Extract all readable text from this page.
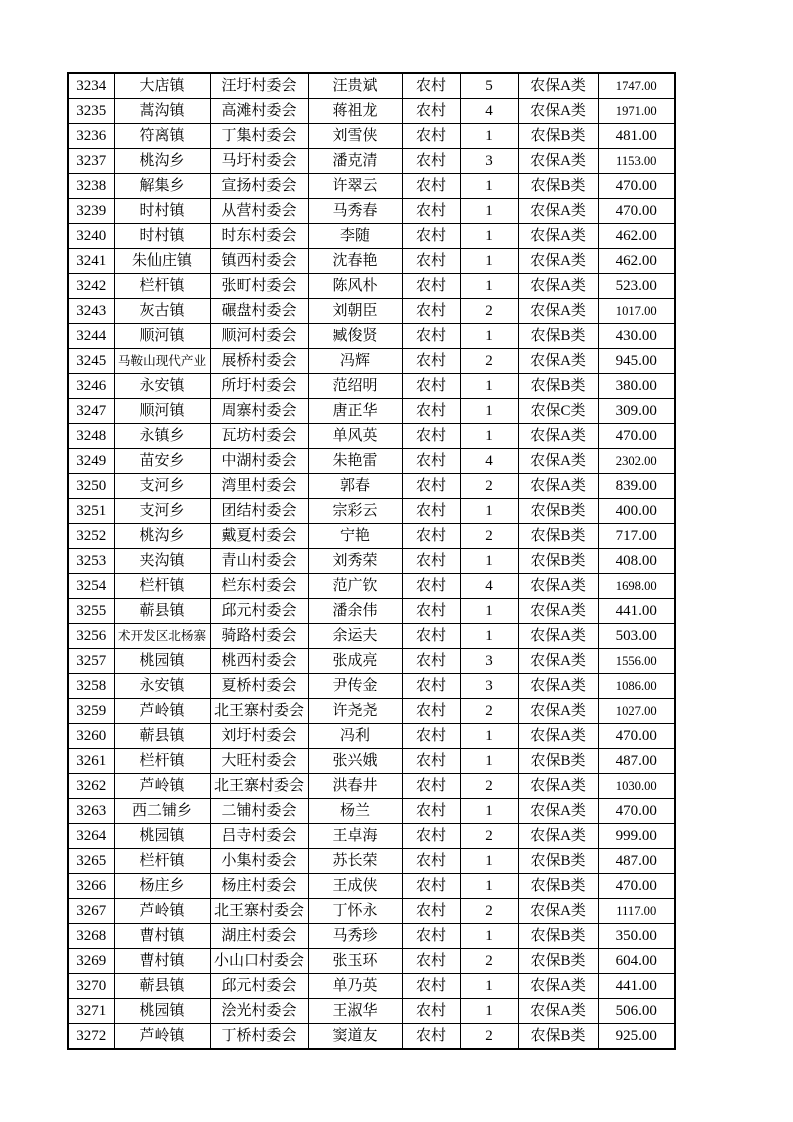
3234	大店镇	汪圩村委会	汪贵斌	农村	5	农保A类	1747.00
3235	蒿沟镇	高滩村委会	蒋祖龙	农村	4	农保A类	1971.00
3236	符离镇	丁集村委会	刘雪侠	农村	1	农保B类	481.00
3237	桃沟乡	马圩村委会	潘克清	农村	3	农保A类	1153.00
3238	解集乡	宣扬村委会	许翠云	农村	1	农保B类	470.00
3239	时村镇	从营村委会	马秀春	农村	1	农保A类	470.00
3240	时村镇	时东村委会	李随	农村	1	农保A类	462.00
3241	朱仙庄镇	镇西村委会	沈春艳	农村	1	农保A类	462.00
3242	栏杆镇	张町村委会	陈风朴	农村	1	农保A类	523.00
3243	灰古镇	碾盘村委会	刘朝臣	农村	2	农保A类	1017.00
3244	顺河镇	顺河村委会	臧俊贤	农村	1	农保B类	430.00
3245	马鞍山现代产业	展桥村委会	冯辉	农村	2	农保A类	945.00
3246	永安镇	所圩村委会	范绍明	农村	1	农保B类	380.00
3247	顺河镇	周寨村委会	唐正华	农村	1	农保C类	309.00
3248	永镇乡	瓦坊村委会	单风英	农村	1	农保A类	470.00
3249	苗安乡	中湖村委会	朱艳雷	农村	4	农保A类	2302.00
3250	支河乡	湾里村委会	郭春	农村	2	农保A类	839.00
3251	支河乡	团结村委会	宗彩云	农村	1	农保B类	400.00
3252	桃沟乡	戴夏村委会	宁艳	农村	2	农保B类	717.00
3253	夹沟镇	青山村委会	刘秀荣	农村	1	农保B类	408.00
3254	栏杆镇	栏东村委会	范广钦	农村	4	农保A类	1698.00
3255	蕲县镇	邱元村委会	潘余伟	农村	1	农保A类	441.00
3256	术开发区北杨寨	骑路村委会	余运夫	农村	1	农保A类	503.00
3257	桃园镇	桃西村委会	张成亮	农村	3	农保A类	1556.00
3258	永安镇	夏桥村委会	尹传金	农村	3	农保A类	1086.00
3259	芦岭镇	北王寨村委会	许尧尧	农村	2	农保A类	1027.00
3260	蕲县镇	刘圩村委会	冯利	农村	1	农保A类	470.00
3261	栏杆镇	大旺村委会	张兴娥	农村	1	农保B类	487.00
3262	芦岭镇	北王寨村委会	洪春井	农村	2	农保A类	1030.00
3263	西二铺乡	二铺村委会	杨兰	农村	1	农保A类	470.00
3264	桃园镇	吕寺村委会	王卓海	农村	2	农保A类	999.00
3265	栏杆镇	小集村委会	苏长荣	农村	1	农保B类	487.00
3266	杨庄乡	杨庄村委会	王成侠	农村	1	农保B类	470.00
3267	芦岭镇	北王寨村委会	丁怀永	农村	2	农保A类	1117.00
3268	曹村镇	湖庄村委会	马秀珍	农村	1	农保B类	350.00
3269	曹村镇	小山口村委会	张玉环	农村	2	农保B类	604.00
3270	蕲县镇	邱元村委会	单乃英	农村	1	农保A类	441.00
3271	桃园镇	浍光村委会	王淑华	农村	1	农保A类	506.00
3272	芦岭镇	丁桥村委会	窦道友	农村	2	农保B类	925.00
